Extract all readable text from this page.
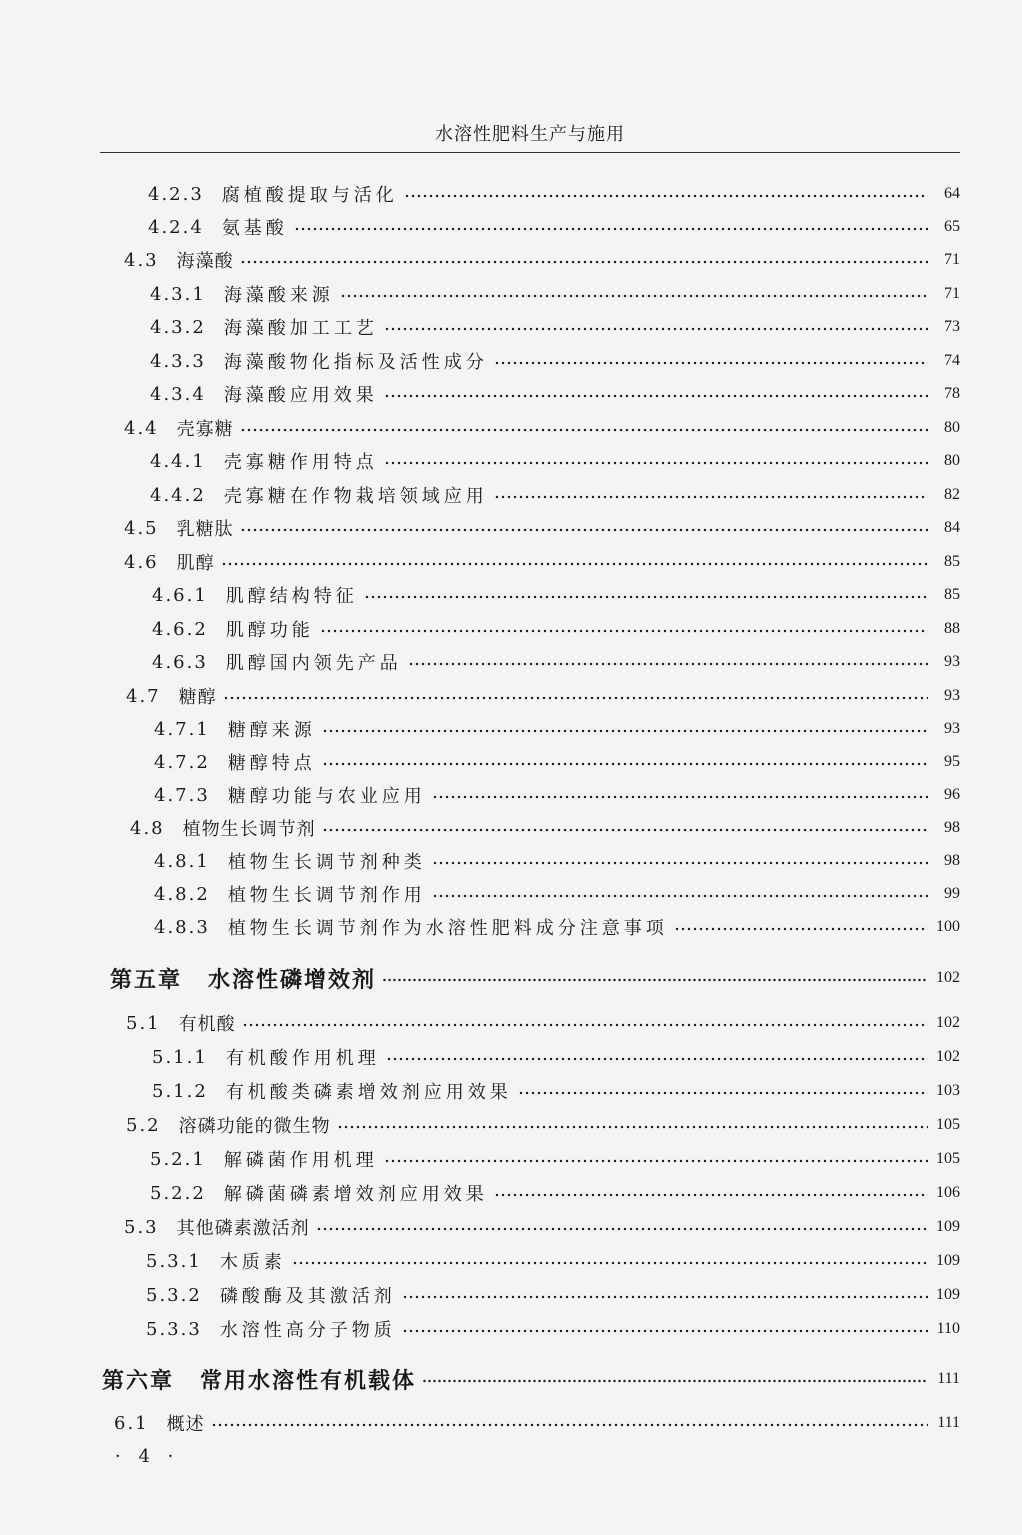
水溶性肥料生产与施用
4.2.3 腐植酸提取与活化	64
4.2.4 氨基酸	65
4.3 海藻酸	71
4.3.1 海藻酸来源	71
4.3.2 海藻酸加工工艺	73
4.3.3 海藻酸物化指标及活性成分	74
4.3.4 海藻酸应用效果	78
4.4 壳寡糖	80
4.4.1 壳寡糖作用特点	80
4.4.2 壳寡糖在作物栽培领域应用	82
4.5 乳糖肽	84
4.6 肌醇	85
4.6.1 肌醇结构特征	85
4.6.2 肌醇功能	88
4.6.3 肌醇国内领先产品	93
4.7 糖醇	93
4.7.1 糖醇来源	93
4.7.2 糖醇特点	95
4.7.3 糖醇功能与农业应用	96
4.8 植物生长调节剂	98
4.8.1 植物生长调节剂种类	98
4.8.2 植物生长调节剂作用	99
4.8.3 植物生长调节剂作为水溶性肥料成分注意事项	100
第五章 水溶性磷增效剂	102
5.1 有机酸	102
5.1.1 有机酸作用机理	102
5.1.2 有机酸类磷素增效剂应用效果	103
5.2 溶磷功能的微生物	105
5.2.1 解磷菌作用机理	105
5.2.2 解磷菌磷素增效剂应用效果	106
5.3 其他磷素激活剂	109
5.3.1 木质素	109
5.3.2 磷酸酶及其激活剂	109
5.3.3 水溶性高分子物质	110
第六章 常用水溶性有机载体	111
6.1 概述	111
· 4 ·
